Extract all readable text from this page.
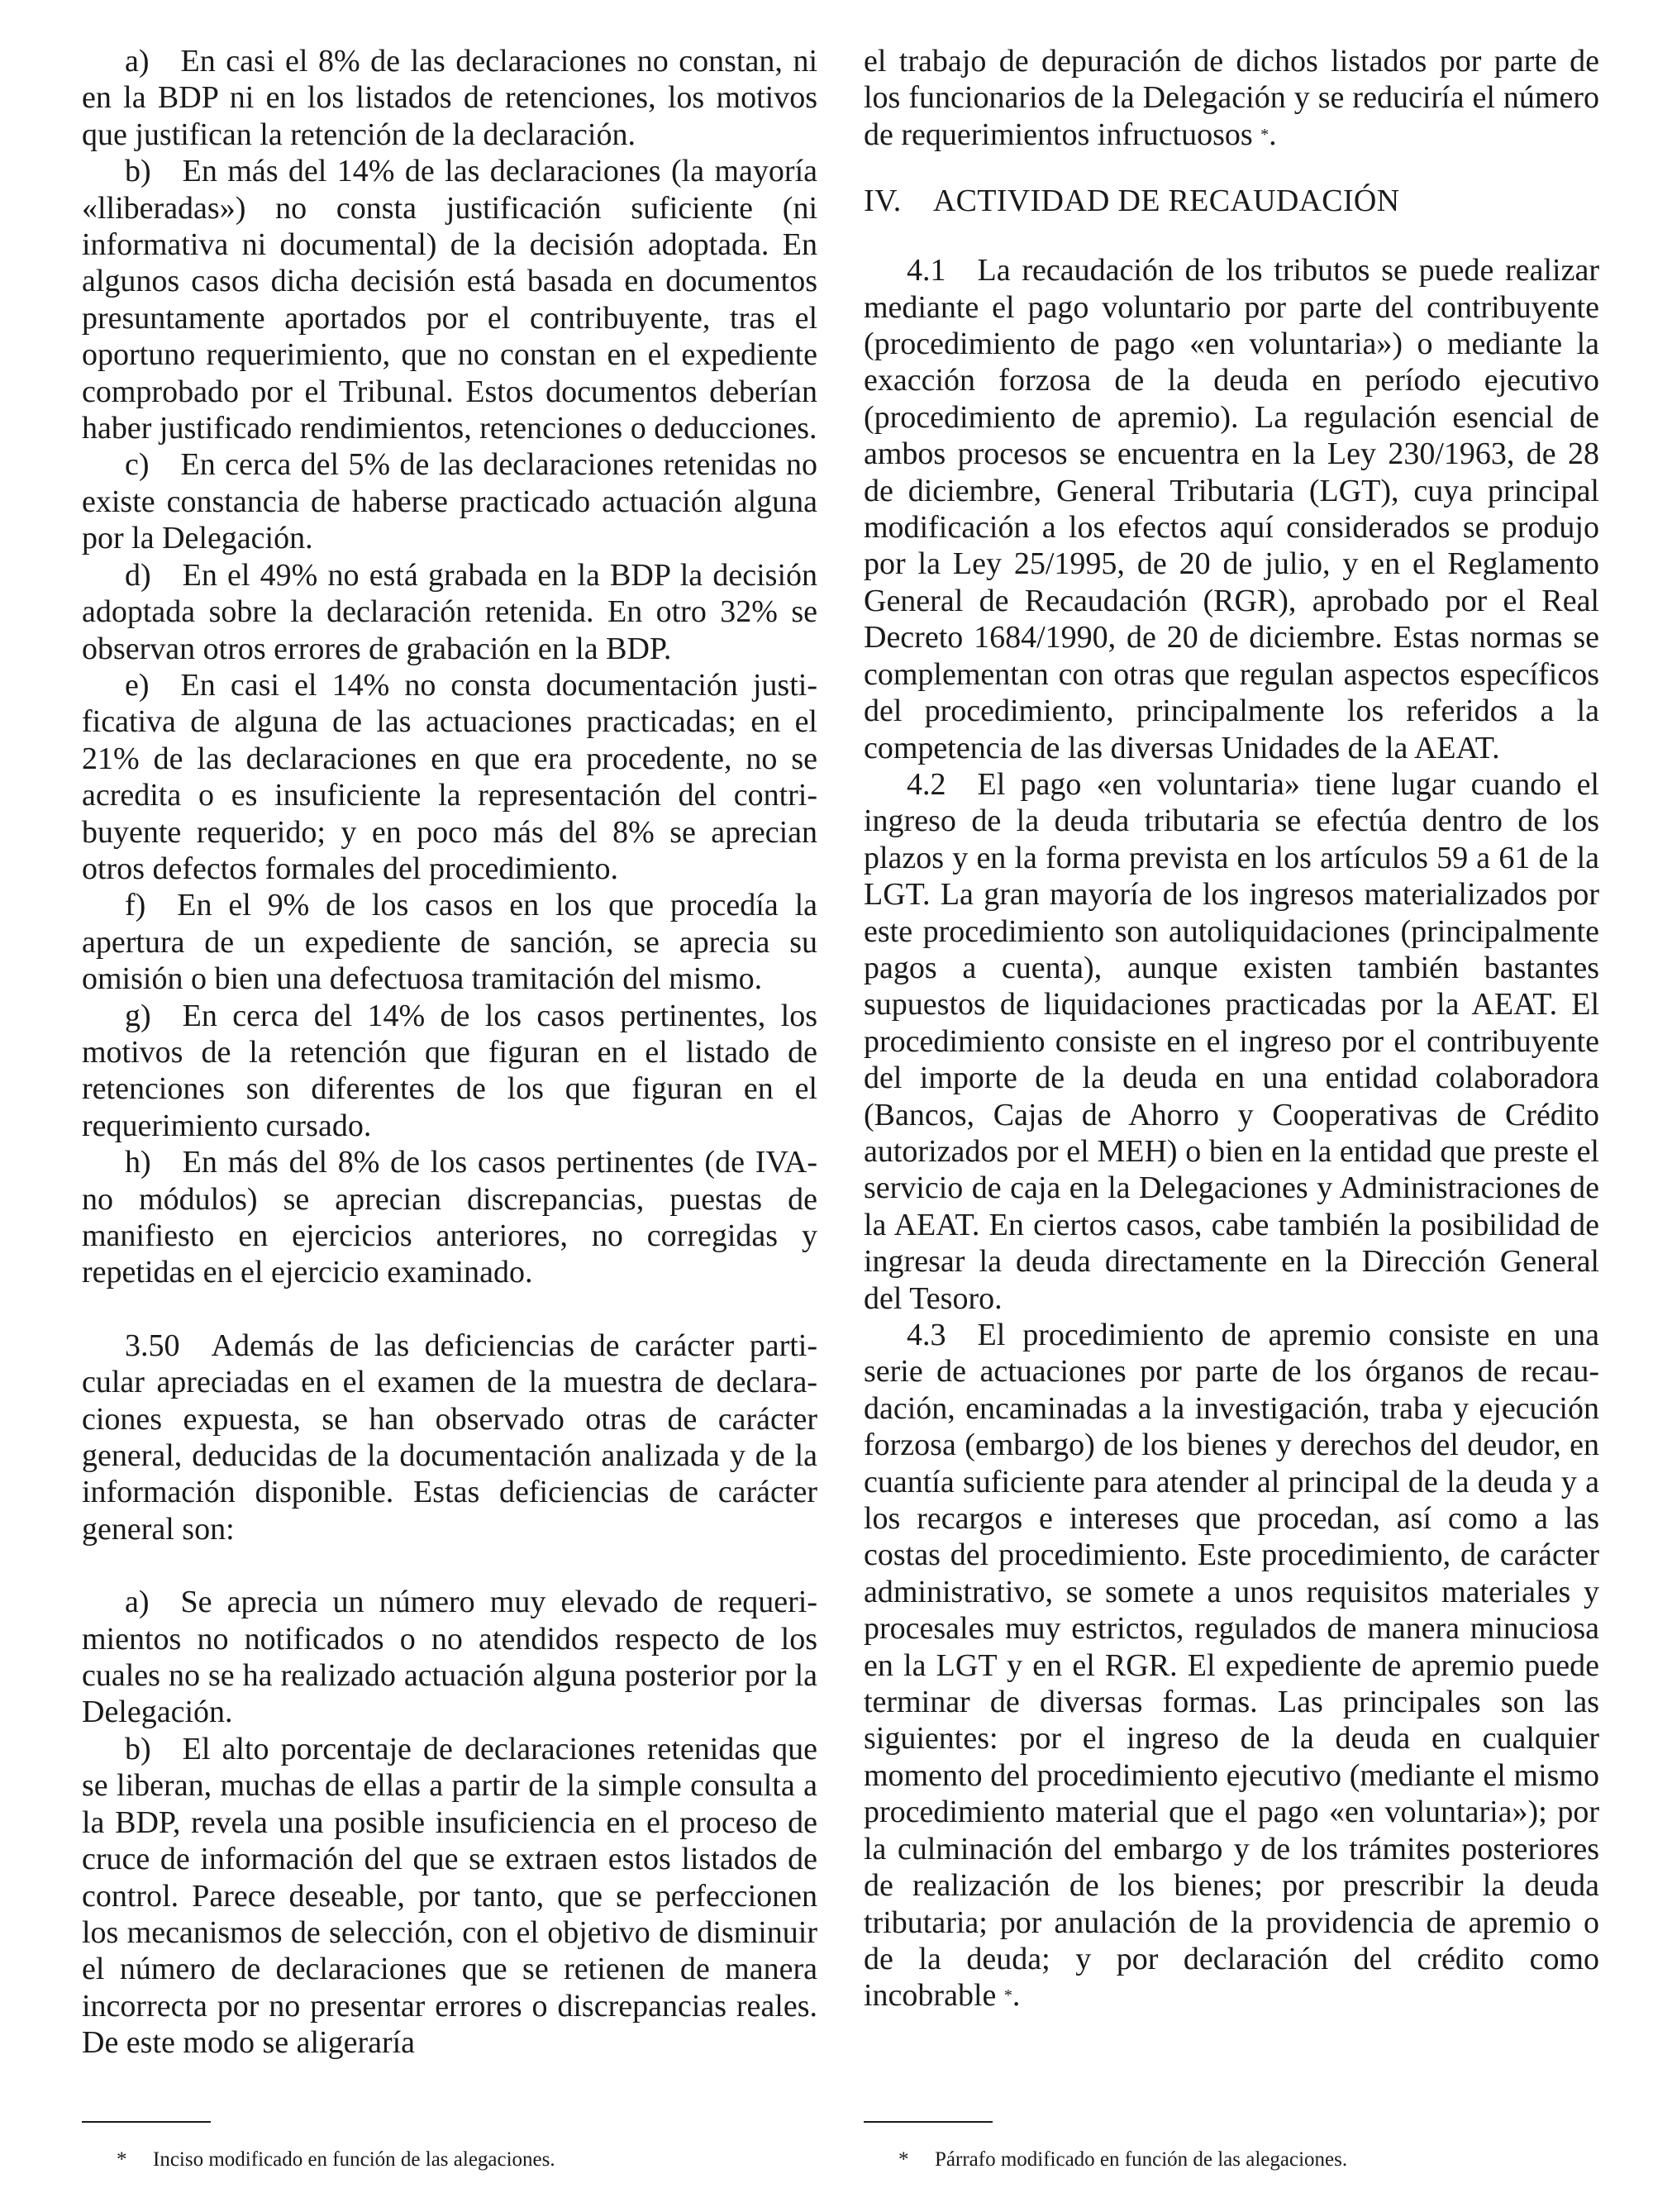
a) En casi el 8% de las declaraciones no constan, ni en la BDP ni en los listados de retenciones, los motivos que justifican la retención de la declaración.

b) En más del 14% de las declaraciones (la mayoría «lliberadas») no consta justificación suficiente (ni informativa ni documental) de la decisión adoptada. En algunos casos dicha decisión está basada en documentos presuntamente aportados por el contribuyente, tras el oportuno requerimiento, que no constan en el expediente comprobado por el Tribunal. Estos documentos deberían haber justificado rendimientos, retenciones o deducciones.

c) En cerca del 5% de las declaraciones retenidas no existe constancia de haberse practicado actuación alguna por la Delegación.

d) En el 49% no está grabada en la BDP la decisión adoptada sobre la declaración retenida. En otro 32% se observan otros errores de grabación en la BDP.

e) En casi el 14% no consta documentación justificativa de alguna de las actuaciones practicadas; en el 21% de las declaraciones en que era procedente, no se acredita o es insuficiente la representación del contribuyente requerido; y en poco más del 8% se aprecian otros defectos formales del procedimiento.

f) En el 9% de los casos en los que procedía la apertura de un expediente de sanción, se aprecia su omisión o bien una defectuosa tramitación del mismo.

g) En cerca del 14% de los casos pertinentes, los motivos de la retención que figuran en el listado de retenciones son diferentes de los que figuran en el requerimiento cursado.

h) En más del 8% de los casos pertinentes (de IVA-no módulos) se aprecian discrepancias, puestas de manifiesto en ejercicios anteriores, no corregidas y repetidas en el ejercicio examinado.

3.50 Además de las deficiencias de carácter particular apreciadas en el examen de la muestra de declaraciones expuesta, se han observado otras de carácter general, deducidas de la documentación analizada y de la información disponible. Estas deficiencias de carácter general son:

a) Se aprecia un número muy elevado de requerimientos no notificados o no atendidos respecto de los cuales no se ha realizado actuación alguna posterior por la Delegación.

b) El alto porcentaje de declaraciones retenidas que se liberan, muchas de ellas a partir de la simple consulta a la BDP, revela una posible insuficiencia en el proceso de cruce de información del que se extraen estos listados de control. Parece deseable, por tanto, que se perfeccionen los mecanismos de selección, con el objetivo de disminuir el número de declaraciones que se retienen de manera incorrecta por no presentar errores o discrepancias reales. De este modo se aligeraría

el trabajo de depuración de dichos listados por parte de los funcionarios de la Delegación y se reduciría el número de requerimientos infructuosos *.

IV. ACTIVIDAD DE RECAUDACIÓN

4.1 La recaudación de los tributos se puede realizar mediante el pago voluntario por parte del contribuyente (procedimiento de pago «en voluntaria») o mediante la exacción forzosa de la deuda en período ejecutivo (procedimiento de apremio). La regulación esencial de ambos procesos se encuentra en la Ley 230/1963, de 28 de diciembre, General Tributaria (LGT), cuya principal modificación a los efectos aquí considerados se produjo por la Ley 25/1995, de 20 de julio, y en el Reglamento General de Recaudación (RGR), aprobado por el Real Decreto 1684/1990, de 20 de diciembre. Estas normas se complementan con otras que regulan aspectos específicos del procedimiento, principalmente los referidos a la competencia de las diversas Unidades de la AEAT.

4.2 El pago «en voluntaria» tiene lugar cuando el ingreso de la deuda tributaria se efectúa dentro de los plazos y en la forma prevista en los artículos 59 a 61 de la LGT. La gran mayoría de los ingresos materializados por este procedimiento son autoliquidaciones (principalmente pagos a cuenta), aunque existen también bastantes supuestos de liquidaciones practicadas por la AEAT. El procedimiento consiste en el ingreso por el contribuyente del importe de la deuda en una entidad colaboradora (Bancos, Cajas de Ahorro y Cooperativas de Crédito autorizados por el MEH) o bien en la entidad que preste el servicio de caja en la Delegaciones y Administraciones de la AEAT. En ciertos casos, cabe también la posibilidad de ingresar la deuda directamente en la Dirección General del Tesoro.

4.3 El procedimiento de apremio consiste en una serie de actuaciones por parte de los órganos de recaudación, encaminadas a la investigación, traba y ejecución forzosa (embargo) de los bienes y derechos del deudor, en cuantía suficiente para atender al principal de la deuda y a los recargos e intereses que procedan, así como a las costas del procedimiento. Este procedimiento, de carácter administrativo, se somete a unos requisitos materiales y procesales muy estrictos, regulados de manera minuciosa en la LGT y en el RGR. El expediente de apremio puede terminar de diversas formas. Las principales son las siguientes: por el ingreso de la deuda en cualquier momento del procedimiento ejecutivo (mediante el mismo procedimiento material que el pago «en voluntaria»); por la culminación del embargo y de los trámites posteriores de realización de los bienes; por prescribir la deuda tributaria; por anulación de la providencia de apremio o de la deuda; y por declaración del crédito como incobrable *.

* Inciso modificado en función de las alegaciones.	* Párrafo modificado en función de las alegaciones.
